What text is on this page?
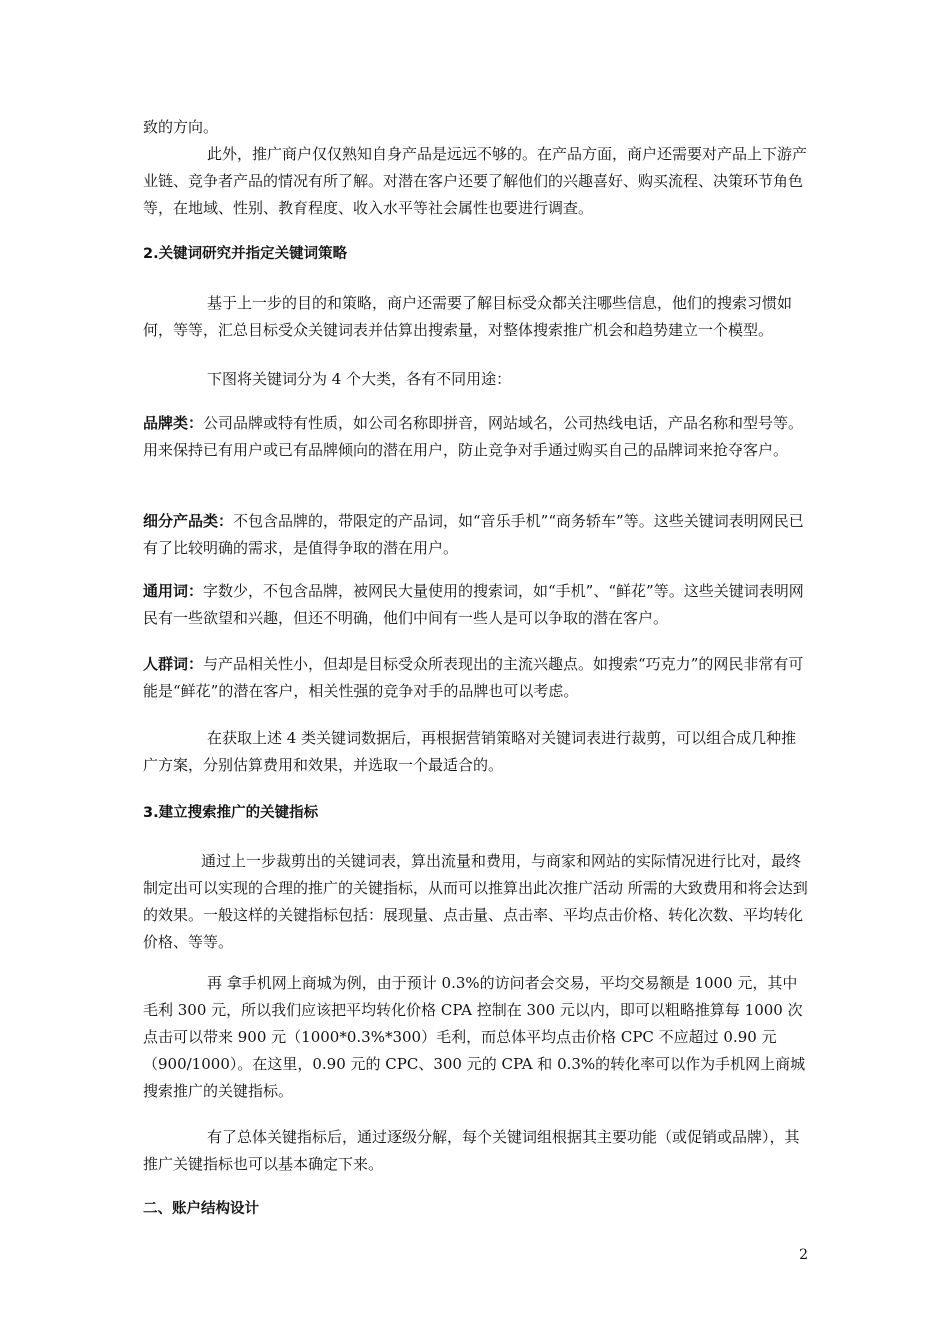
致的方向。

此外，推广商户仅仅熟知自身产品是远远不够的。在产品方面，商户还需要对产品上下游产业链、竞争者产品的情况有所了解。对潜在客户还要了解他们的兴趣喜好、购买流程、决策环节角色等，在地域、性别、教育程度、收入水平等社会属性也要进行调查。

2.关键词研究并指定关键词策略

基于上一步的目的和策略，商户还需要了解目标受众都关注哪些信息，他们的搜索习惯如何，等等，汇总目标受众关键词表并估算出搜索量，对整体搜索推广机会和趋势建立一个模型。

下图将关键词分为 4 个大类，各有不同用途：

品牌类：公司品牌或特有性质，如公司名称即拼音，网站域名，公司热线电话，产品名称和型号等。用来保持已有用户或已有品牌倾向的潜在用户，防止竞争对手通过购买自己的品牌词来抢夺客户。

细分产品类：不包含品牌的，带限定的产品词，如“音乐手机”“商务轿车”等。这些关键词表明网民已有了比较明确的需求，是值得争取的潜在用户。

通用词：字数少，不包含品牌，被网民大量使用的搜索词，如“手机”、“鲜花”等。这些关键词表明网民有一些欲望和兴趣，但还不明确，他们中间有一些人是可以争取的潜在客户。

人群词：与产品相关性小，但却是目标受众所表现出的主流兴趣点。如搜索“巧克力”的网民非常有可能是“鲜花”的潜在客户，相关性强的竞争对手的品牌也可以考虑。

在获取上述 4 类关键词数据后，再根据营销策略对关键词表进行裁剪，可以组合成几种推广方案，分别估算费用和效果，并选取一个最适合的。

3.建立搜索推广的关键指标

通过上一步裁剪出的关键词表，算出流量和费用，与商家和网站的实际情况进行比对，最终制定出可以实现的合理的推广的关键指标，从而可以推算出此次推广活动 所需的大致费用和将会达到的效果。一般这样的关键指标包括：展现量、点击量、点击率、平均点击价格、转化次数、平均转化价格、等等。

再 拿手机网上商城为例，由于预计 0.3%的访问者会交易，平均交易额是 1000 元，其中毛利 300 元，所以我们应该把平均转化价格 CPA 控制在 300 元以内，即可以粗略推算每 1000 次点击可以带来 900 元（1000*0.3%*300）毛利，而总体平均点击价格 CPC 不应超过 0.90 元 （900/1000）。在这里，0.90 元的 CPC、300 元的 CPA 和 0.3%的转化率可以作为手机网上商城搜索推广的关键指标。

有了总体关键指标后，通过逐级分解，每个关键词组根据其主要功能（或促销或品牌），其推广关键指标也可以基本确定下来。

二、账户结构设计
2
